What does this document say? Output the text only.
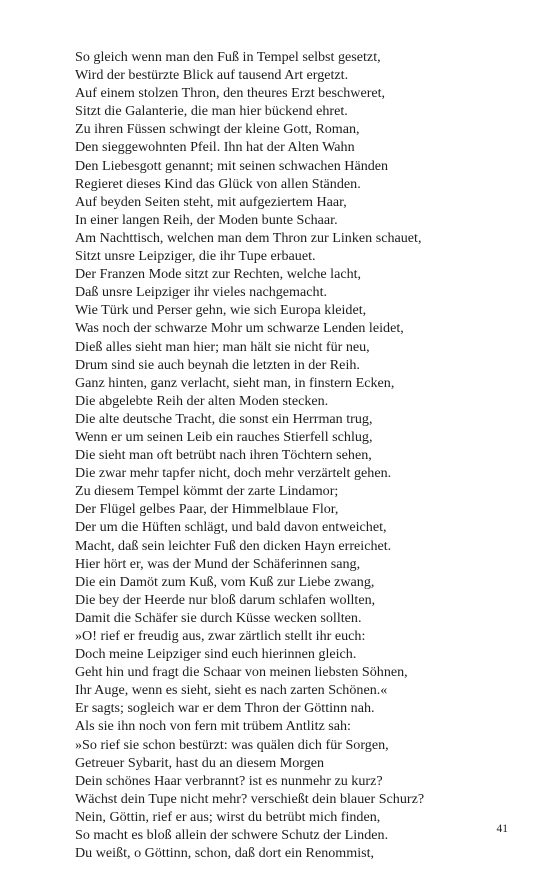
So gleich wenn man den Fuß in Tempel selbst gesetzt,
Wird der bestürzte Blick auf tausend Art ergetzt.
Auf einem stolzen Thron, den theures Erzt beschweret,
Sitzt die Galanterie, die man hier bückend ehret.
Zu ihren Füssen schwingt der kleine Gott, Roman,
Den sieggewohnten Pfeil. Ihn hat der Alten Wahn
Den Liebesgott genannt; mit seinen schwachen Händen
Regieret dieses Kind das Glück von allen Ständen.
Auf beyden Seiten steht, mit aufgeziertem Haar,
In einer langen Reih, der Moden bunte Schaar.
Am Nachttisch, welchen man dem Thron zur Linken schauet,
Sitzt unsre Leipziger, die ihr Tupe erbauet.
Der Franzen Mode sitzt zur Rechten, welche lacht,
Daß unsre Leipziger ihr vieles nachgemacht.
Wie Türk und Perser gehn, wie sich Europa kleidet,
Was noch der schwarze Mohr um schwarze Lenden leidet,
Dieß alles sieht man hier; man hält sie nicht für neu,
Drum sind sie auch beynah die letzten in der Reih.
Ganz hinten, ganz verlacht, sieht man, in finstern Ecken,
Die abgelebte Reih der alten Moden stecken.
Die alte deutsche Tracht, die sonst ein Herrman trug,
Wenn er um seinen Leib ein rauches Stierfell schlug,
Die sieht man oft betrübt nach ihren Töchtern sehen,
Die zwar mehr tapfer nicht, doch mehr verzärtelt gehen.
Zu diesem Tempel kömmt der zarte Lindamor;
Der Flügel gelbes Paar, der Himmelblaue Flor,
Der um die Hüften schlägt, und bald davon entweichet,
Macht, daß sein leichter Fuß den dicken Hayn erreichet.
Hier hört er, was der Mund der Schäferinnen sang,
Die ein Damöt zum Kuß, vom Kuß zur Liebe zwang,
Die bey der Heerde nur bloß darum schlafen wollten,
Damit die Schäfer sie durch Küsse wecken sollten.
»O! rief er freudig aus, zwar zärtlich stellt ihr euch:
Doch meine Leipziger sind euch hierinnen gleich.
Geht hin und fragt die Schaar von meinen liebsten Söhnen,
Ihr Auge, wenn es sieht, sieht es nach zarten Schönen.«
Er sagts; sogleich war er dem Thron der Göttinn nah.
Als sie ihn noch von fern mit trübem Antlitz sah:
»So rief sie schon bestürzt: was quälen dich für Sorgen,
Getreuer Sybarit, hast du an diesem Morgen
Dein schönes Haar verbrannt? ist es nunmehr zu kurz?
Wächst dein Tupe nicht mehr? verschießt dein blauer Schurz?
Nein, Göttin, rief er aus; wirst du betrübt mich finden,
So macht es bloß allein der schwere Schutz der Linden.
Du weißt, o Göttinn, schon, daß dort ein Renommist,
41
